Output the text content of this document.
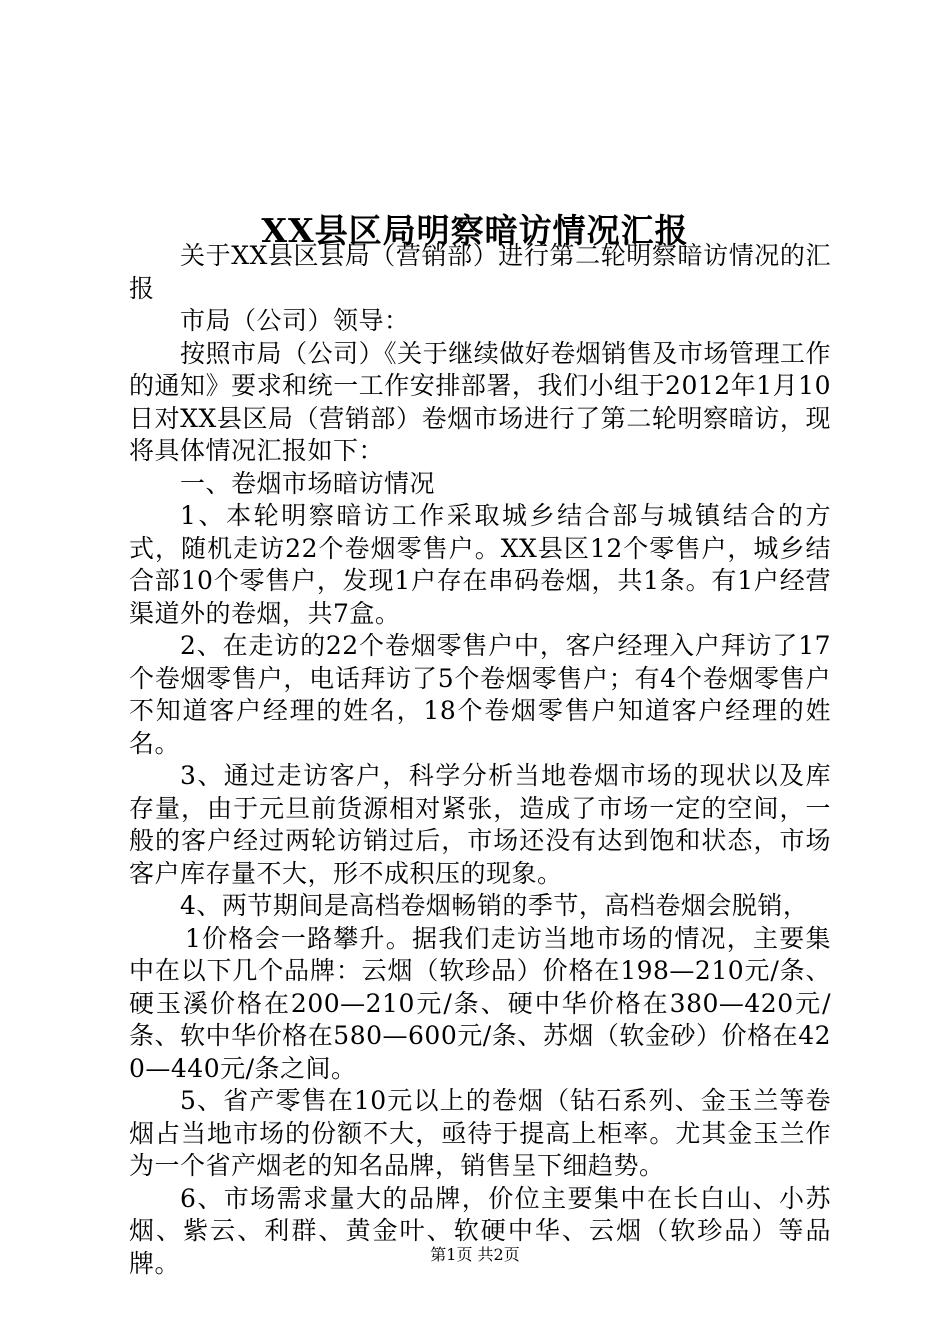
XX县区局明察暗访情况汇报

关于XX县区县局（营销部）进行第二轮明察暗访情况的汇报

市局（公司）领导：

按照市局（公司）《关于继续做好卷烟销售及市场管理工作的通知》要求和统一工作安排部署，我们小组于2012年1月10日对XX县区局（营销部）卷烟市场进行了第二轮明察暗访，现将具体情况汇报如下：

一、卷烟市场暗访情况

1、本轮明察暗访工作采取城乡结合部与城镇结合的方式，随机走访22个卷烟零售户。XX县区12个零售户，城乡结合部10个零售户，发现1户存在串码卷烟，共1条。有1户经营渠道外的卷烟，共7盒。

2、在走访的22个卷烟零售户中，客户经理入户拜访了17个卷烟零售户，电话拜访了5个卷烟零售户；有4个卷烟零售户不知道客户经理的姓名，18个卷烟零售户知道客户经理的姓名。

3、通过走访客户，科学分析当地卷烟市场的现状以及库存量，由于元旦前货源相对紧张，造成了市场一定的空间，一般的客户经过两轮访销过后，市场还没有达到饱和状态，市场客户库存量不大，形不成积压的现象。

4、两节期间是高档卷烟畅销的季节，高档卷烟会脱销，

1价格会一路攀升。据我们走访当地市场的情况，主要集中在以下几个品牌：云烟（软珍品）价格在198—210元/条、硬玉溪价格在200—210元/条、硬中华价格在380—420元/条、软中华价格在580—600元/条、苏烟（软金砂）价格在420—440元/条之间。

5、省产零售在10元以上的卷烟（钻石系列、金玉兰等卷烟占当地市场的份额不大，亟待于提高上柜率。尤其金玉兰作为一个省产烟老的知名品牌，销售呈下细趋势。

6、市场需求量大的品牌，价位主要集中在长白山、小苏烟、紫云、利群、黄金叶、软硬中华、云烟（软珍品）等品牌。	第1页 共2页
